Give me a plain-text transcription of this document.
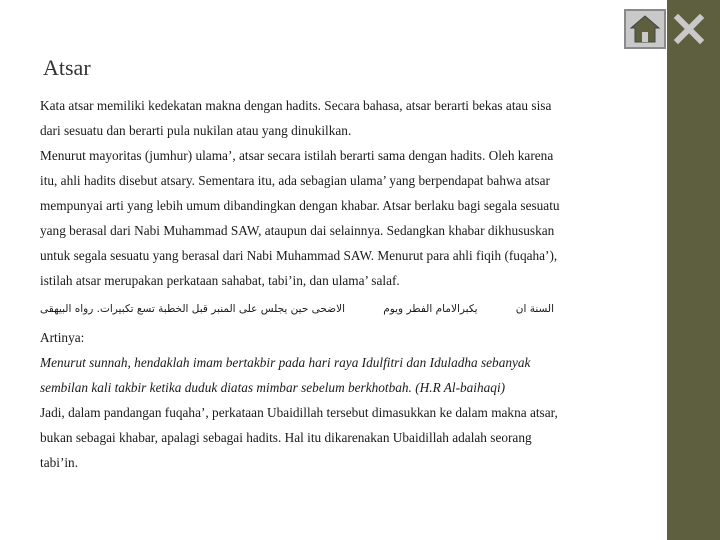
Atsar

Kata atsar memiliki kedekatan makna dengan hadits. Secara bahasa, atsar berarti bekas atau sisa dari sesuatu dan berarti pula nukilan atau yang dinukilkan.

Menurut mayoritas (jumhur) ulama’, atsar secara istilah berarti sama dengan hadits. Oleh karena itu, ahli hadits disebut atsary. Sementara itu, ada sebagian ulama’ yang berpendapat bahwa atsar mempunyai arti yang lebih umum dibandingkan dengan khabar. Atsar berlaku bagi segala sesuatu yang berasal dari Nabi Muhammad SAW, ataupun dai selainnya. Sedangkan khabar dikhususkan untuk segala sesuatu yang berasal dari Nabi Muhammad SAW. Menurut para ahli fiqih (fuqaha’), istilah atsar merupakan perkataan sahabat, tabi’in, dan ulama’ salaf.

السنة ان
يكبرالامام الفطر ويوم
الاضحى حين يجلس على المنبر قبل الخطبة تسع تكبيرات. رواه البيهقى

Artinya:

Menurut sunnah, hendaklah imam bertakbir pada hari raya Idulfitri dan Iduladha sebanyak sembilan kali takbir ketika duduk diatas mimbar sebelum berkhotbah. (H.R Al-baihaqi)

Jadi, dalam pandangan fuqaha’, perkataan Ubaidillah tersebut dimasukkan ke dalam makna atsar, bukan sebagai khabar, apalagi sebagai hadits. Hal itu dikarenakan Ubaidillah adalah seorang tabi’in.
